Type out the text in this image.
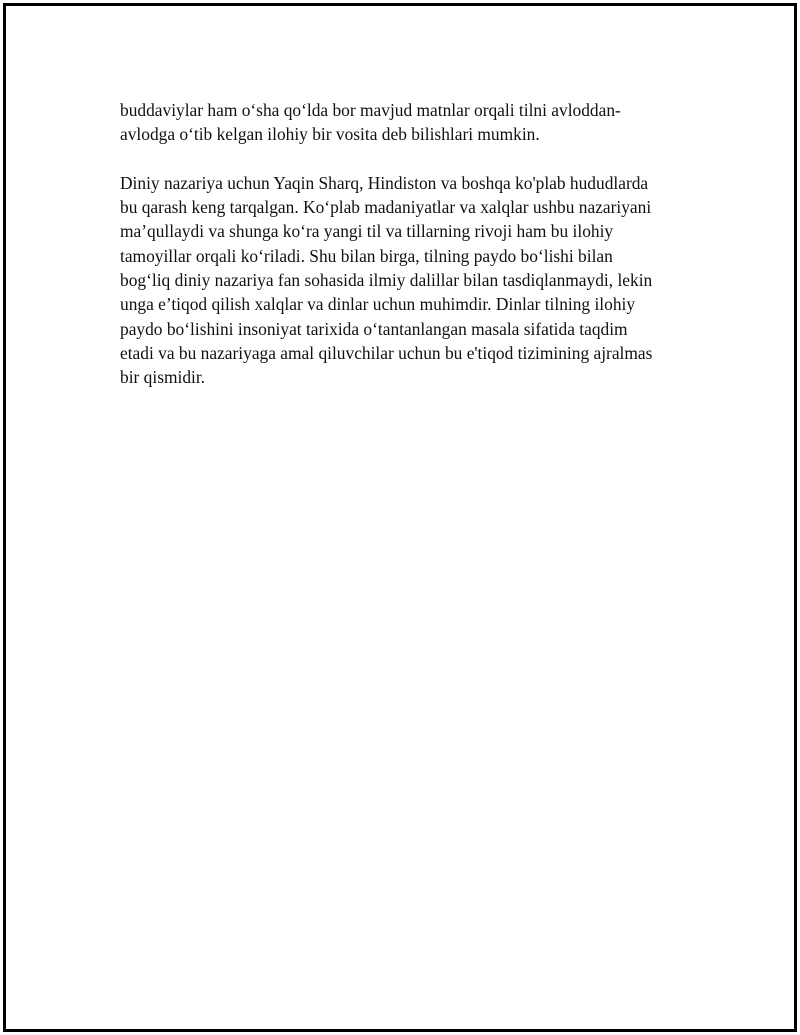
buddaviylar ham o‘sha qo‘lda bor mavjud matnlar orqali tilni avloddan-
avlodga o‘tib kelgan ilohiy bir vosita deb bilishlari mumkin.

Diniy nazariya uchun Yaqin Sharq, Hindiston va boshqa ko'plab hududlarda
bu qarash keng tarqalgan. Ko‘plab madaniyatlar va xalqlar ushbu nazariyani
ma’qullaydi va shunga ko‘ra yangi til va tillarning rivoji ham bu ilohiy
tamoyillar orqali ko‘riladi. Shu bilan birga, tilning paydo bo‘lishi bilan
bog‘liq diniy nazariya fan sohasida ilmiy dalillar bilan tasdiqlanmaydi, lekin
unga e’tiqod qilish xalqlar va dinlar uchun muhimdir. Dinlar tilning ilohiy
paydo bo‘lishini insoniyat tarixida o‘tantanlangan masala sifatida taqdim
etadi va bu nazariyaga amal qiluvchilar uchun bu e'tiqod tizimining ajralmas
bir qismidir.
